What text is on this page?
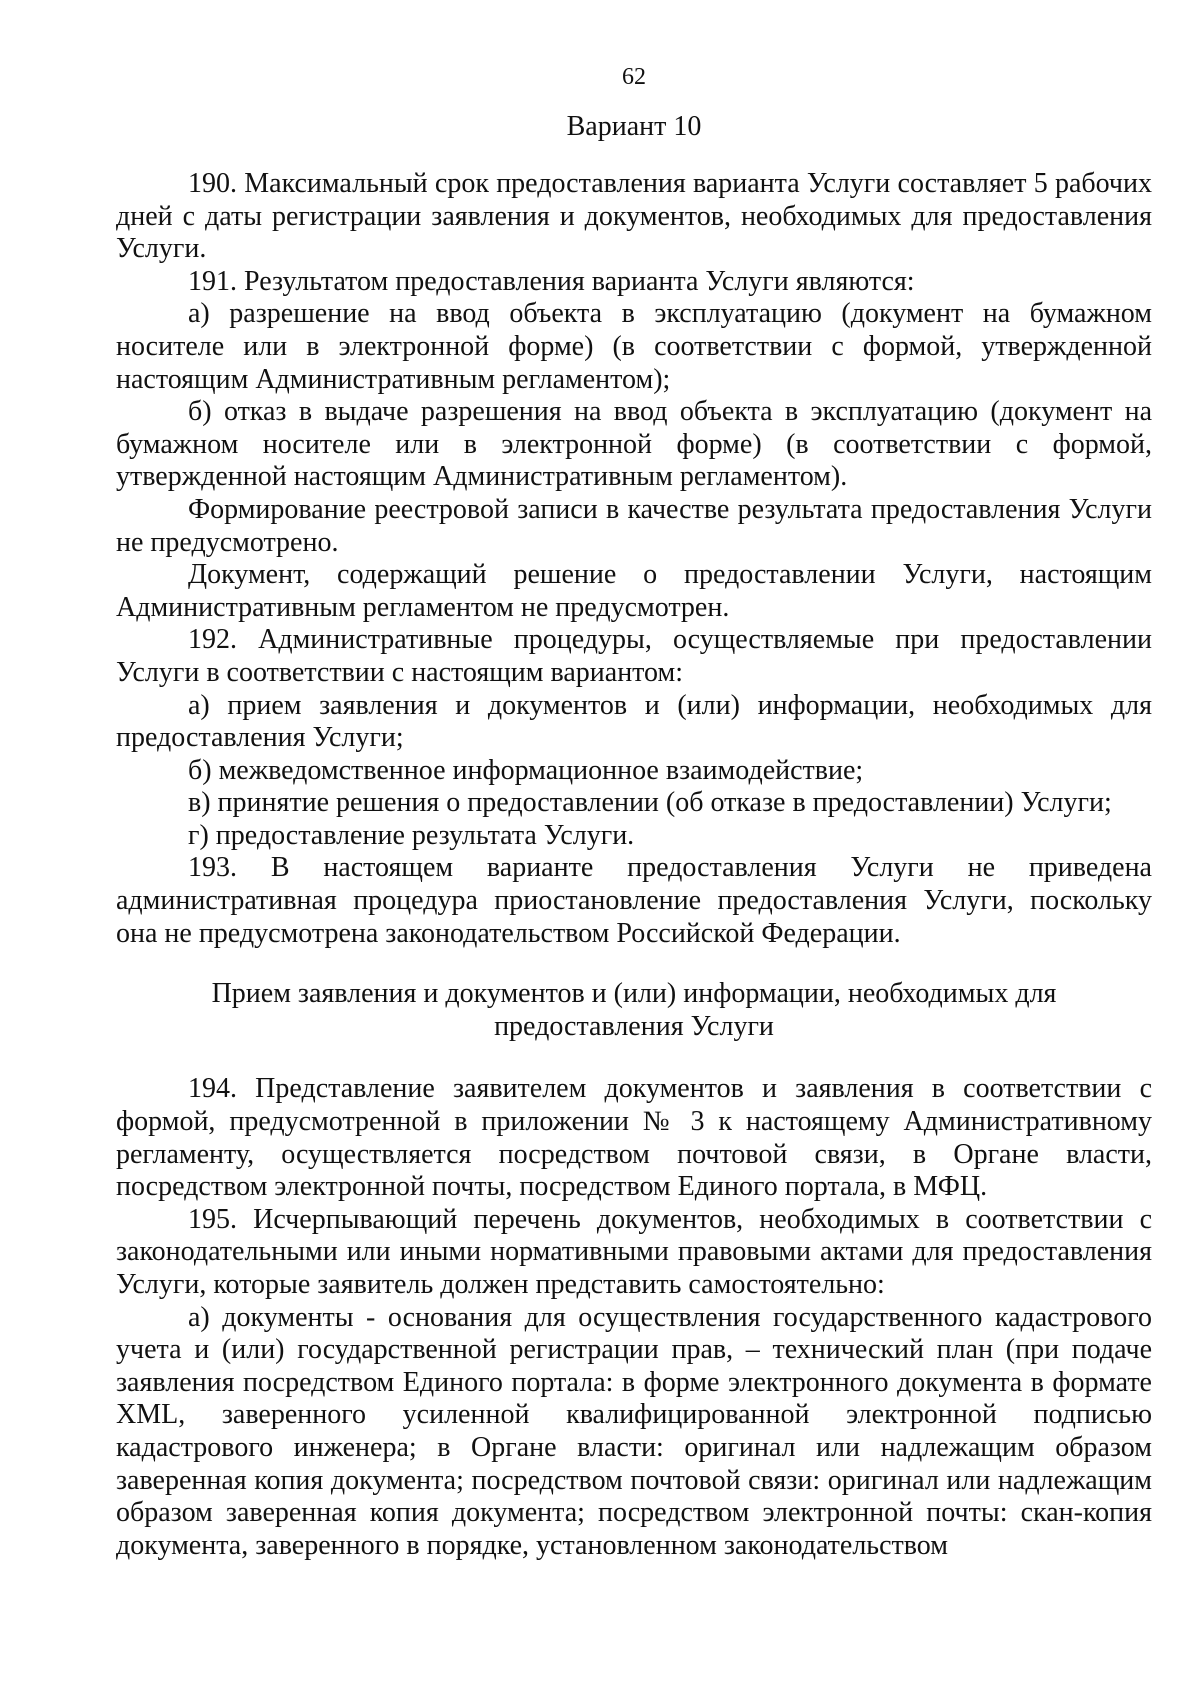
62
Вариант 10

190. Максимальный срок предоставления варианта Услуги составляет 5 рабочих дней с даты регистрации заявления и документов, необходимых для предоставления Услуги.

191. Результатом предоставления варианта Услуги являются:

а) разрешение на ввод объекта в эксплуатацию (документ на бумажном носителе или в электронной форме) (в соответствии с формой, утвержденной настоящим Административным регламентом);

б) отказ в выдаче разрешения на ввод объекта в эксплуатацию (документ на бумажном носителе или в электронной форме) (в соответствии с формой, утвержденной настоящим Административным регламентом).

Формирование реестровой записи в качестве результата предоставления Услуги не предусмотрено.

Документ, содержащий решение о предоставлении Услуги, настоящим Административным регламентом не предусмотрен.

192. Административные процедуры, осуществляемые при предоставлении Услуги в соответствии с настоящим вариантом:

а) прием заявления и документов и (или) информации, необходимых для предоставления Услуги;

б) межведомственное информационное взаимодействие;

в) принятие решения о предоставлении (об отказе в предоставлении) Услуги;

г) предоставление результата Услуги.

193. В настоящем варианте предоставления Услуги не приведена административная процедура приостановление предоставления Услуги, поскольку она не предусмотрена законодательством Российской Федерации.

Прием заявления и документов и (или) информации, необходимых для предоставления Услуги

194. Представление заявителем документов и заявления в соответствии с формой, предусмотренной в приложении № 3 к настоящему Административному регламенту, осуществляется посредством почтовой связи, в Органе власти, посредством электронной почты, посредством Единого портала, в МФЦ.

195. Исчерпывающий перечень документов, необходимых в соответствии с законодательными или иными нормативными правовыми актами для предоставления Услуги, которые заявитель должен представить самостоятельно:

а) документы - основания для осуществления государственного кадастрового учета и (или) государственной регистрации прав, – технический план (при подаче заявления посредством Единого портала: в форме электронного документа в формате XML, заверенного усиленной квалифицированной электронной подписью кадастрового инженера; в Органе власти: оригинал или надлежащим образом заверенная копия документа; посредством почтовой связи: оригинал или надлежащим образом заверенная копия документа; посредством электронной почты: скан-копия документа, заверенного в порядке, установленном законодательством
